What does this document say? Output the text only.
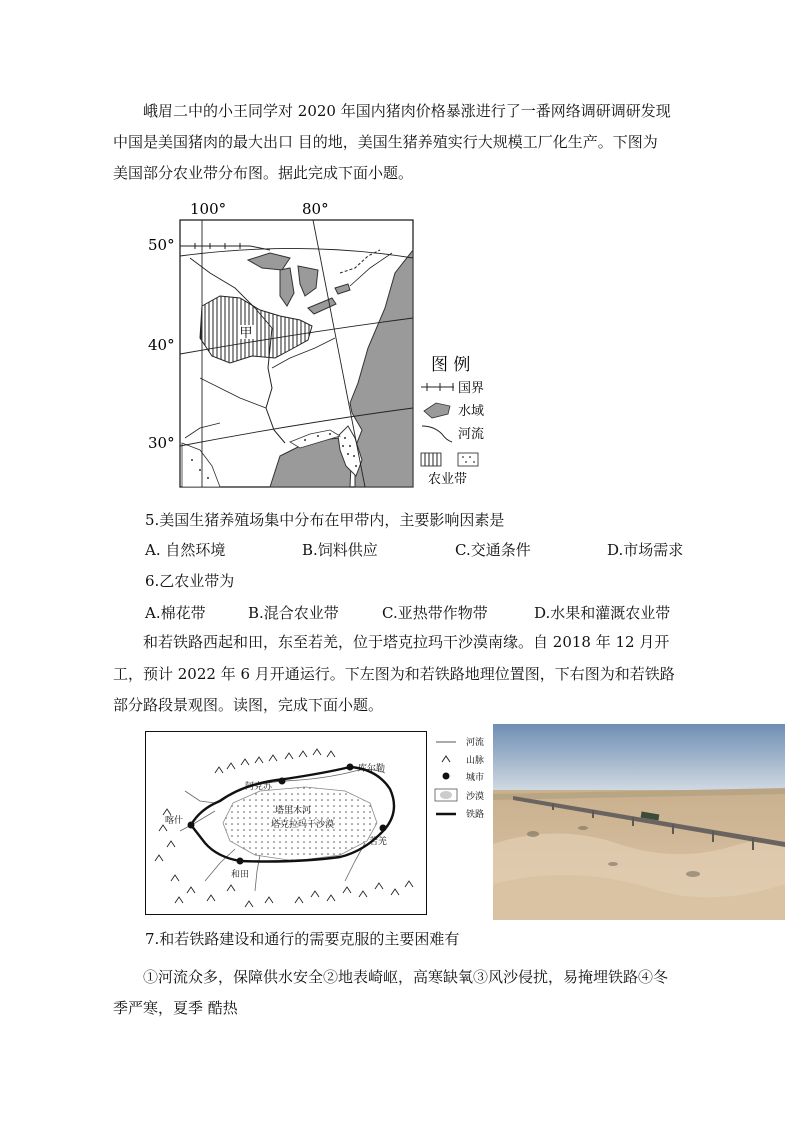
峨眉二中的小王同学对 2020 年国内猪肉价格暴涨进行了一番网络调研调研发现

中国是美国猪肉的最大出口 目的地，美国生猪养殖实行大规模工厂化生产。下图为

美国部分农业带分布图。据此完成下面小题。

甲
100°	80°
50°
40°
30°
图 例
国界
水域
河流
农业带

5.美国生猪养殖场集中分布在甲带内，主要影响因素是

A. 自然环境	B.饲料供应	C.交通条件	D.市场需求

6.乙农业带为

A.棉花带	B.混合农业带	C.亚热带作物带	D.水果和灌溉农业带

和若铁路西起和田，东至若羌，位于塔克拉玛干沙漠南缘。自 2018 年 12 月开

工，预计 2022 年 6 月开通运行。下左图为和若铁路地理位置图，下右图为和若铁路

部分路段景观图。读图，完成下面小题。

库尔勒
阿克苏
喀什
若羌
和田
塔里木河
塔克拉玛干沙漠
河流
山脉
城市
沙漠
铁路

7.和若铁路建设和通行的需要克服的主要困难有

①河流众多，保障供水安全②地表崎岖，高寒缺氧③风沙侵扰，易掩埋铁路④冬

季严寒，夏季 酷热
